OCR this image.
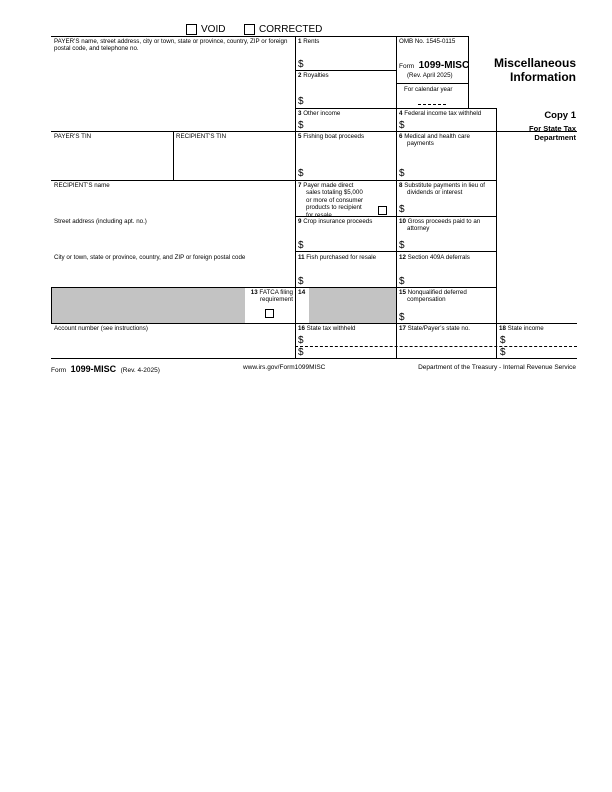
VOID	CORRECTED
PAYER’S name, street address, city or town, state or province, country, ZIP or foreign postal code, and telephone no.
1 Rents
$
OMB No. 1545-0115
Form 1099-MISC
(Rev. April 2025)
For calendar year
2 Royalties
$
Miscellaneous
Information
3 Other income
$
4 Federal income tax withheld
$
Copy 1
For State Tax
Department
PAYER’S TIN	RECIPIENT’S TIN	5 Fishing boat proceeds
$
6 Medical and health care payments
$
RECIPIENT’S name
Street address (including apt. no.)
City or town, state or province, country, and ZIP or foreign postal code
7 Payer made direct sales totaling $5,000 or more of consumer products to recipient for resale
8 Substitute payments in lieu of dividends or interest
$
9 Crop insurance proceeds
$
10 Gross proceeds paid to an attorney
$
11 Fish purchased for resale
$
12 Section 409A deferrals
$
13 FATCA filing requirement
14	15 Nonqualified deferred compensation
$
Account number (see instructions)	16 State tax withheld
$
$
17 State/Payer’s state no.	18 State income
$
$
Form 1099-MISC (Rev. 4-2025)	www.irs.gov/Form1099MISC	Department of the Treasury - Internal Revenue Service
